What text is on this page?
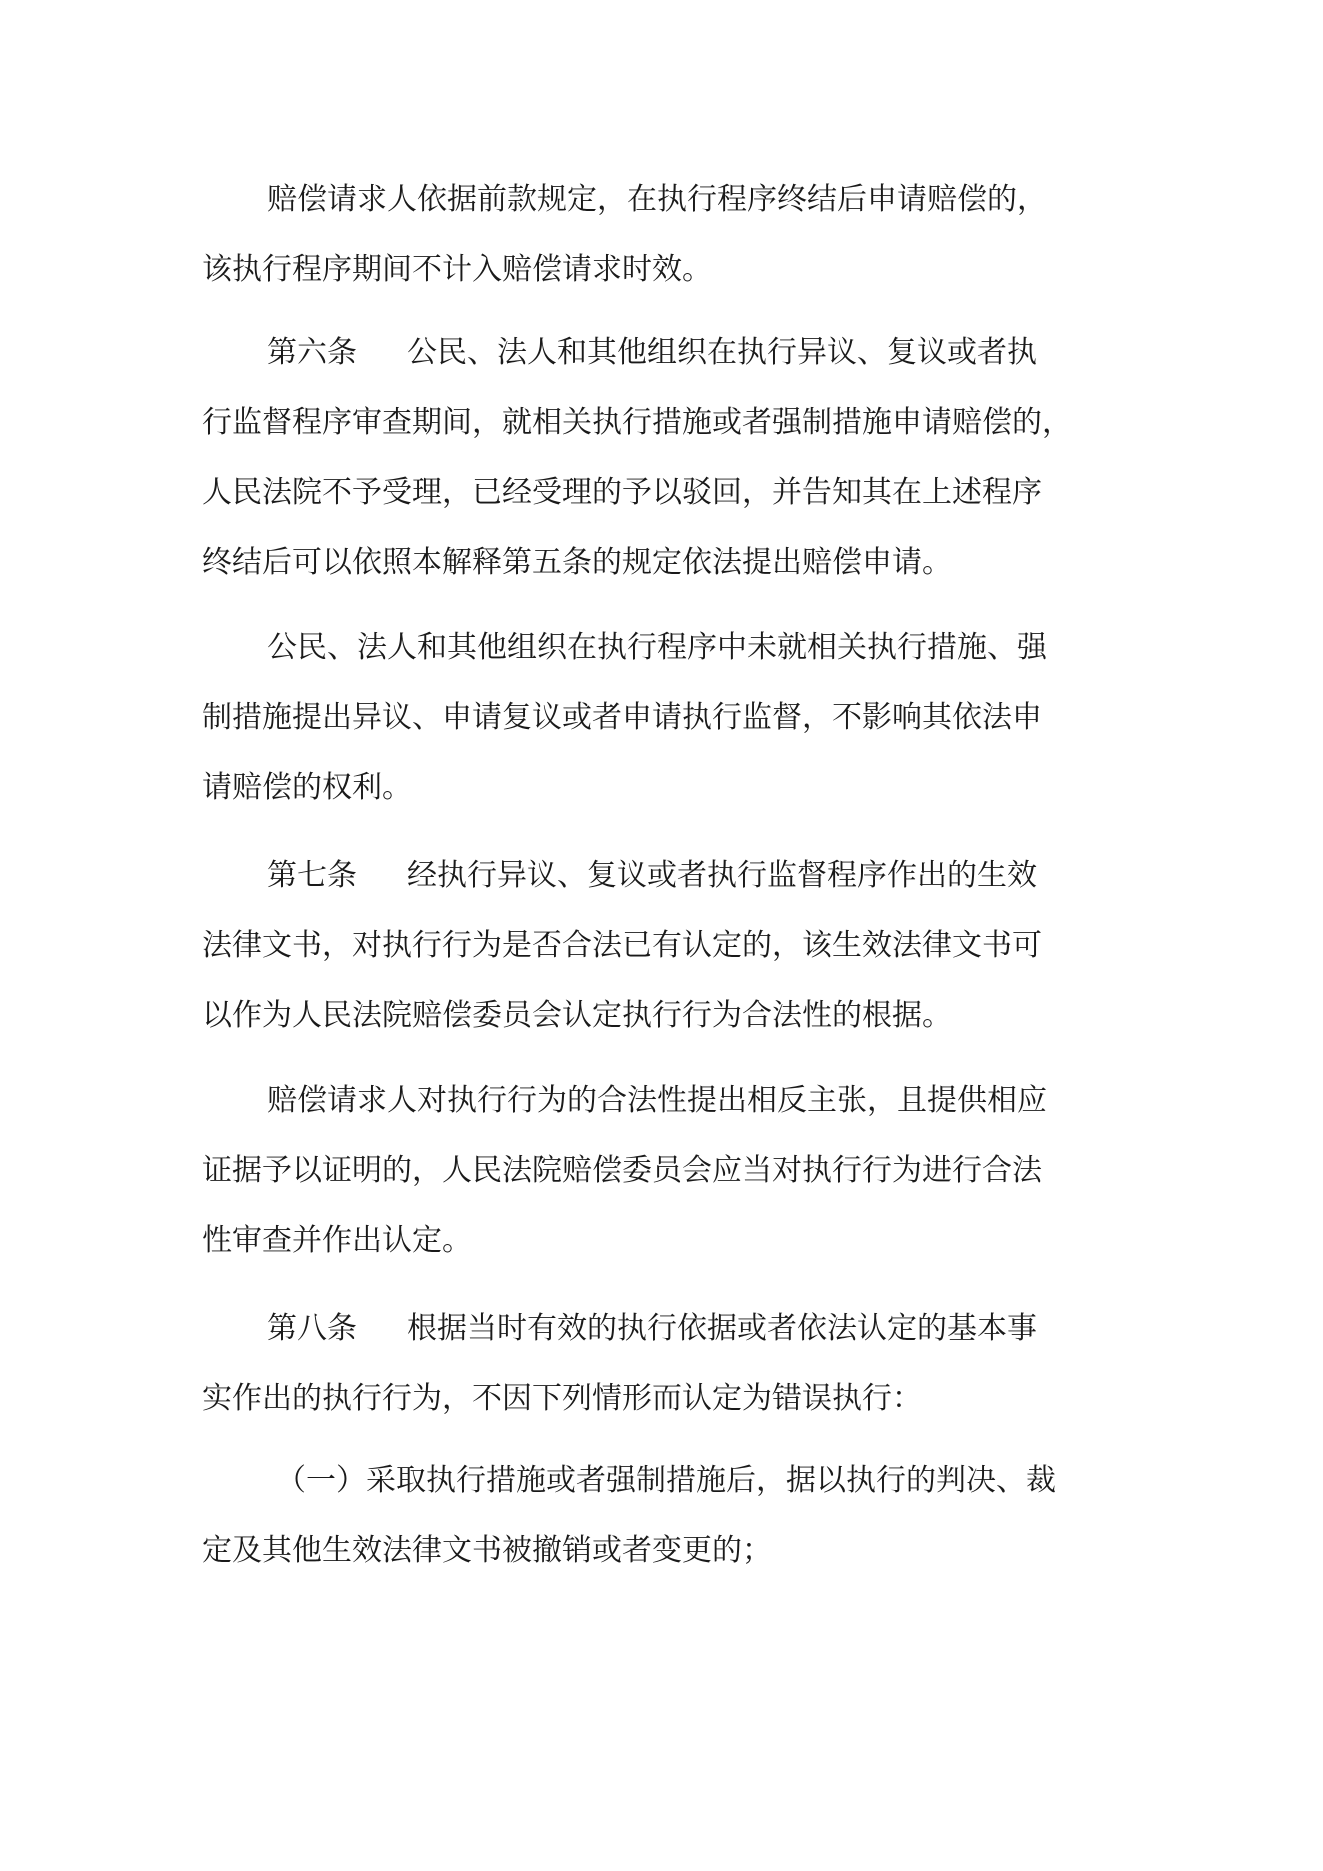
赔偿请求人依据前款规定，在执行程序终结后申请赔偿的，
该执行程序期间不计入赔偿请求时效。
第六条 公民、法人和其他组织在执行异议、复议或者执
行监督程序审查期间，就相关执行措施或者强制措施申请赔偿的，
人民法院不予受理，已经受理的予以驳回，并告知其在上述程序
终结后可以依照本解释第五条的规定依法提出赔偿申请。
公民、法人和其他组织在执行程序中未就相关执行措施、强
制措施提出异议、申请复议或者申请执行监督，不影响其依法申
请赔偿的权利。
第七条 经执行异议、复议或者执行监督程序作出的生效
法律文书，对执行行为是否合法已有认定的，该生效法律文书可
以作为人民法院赔偿委员会认定执行行为合法性的根据。
赔偿请求人对执行行为的合法性提出相反主张，且提供相应
证据予以证明的，人民法院赔偿委员会应当对执行行为进行合法
性审查并作出认定。
第八条 根据当时有效的执行依据或者依法认定的基本事
实作出的执行行为，不因下列情形而认定为错误执行：
（一）采取执行措施或者强制措施后，据以执行的判决、裁
定及其他生效法律文书被撤销或者变更的；
